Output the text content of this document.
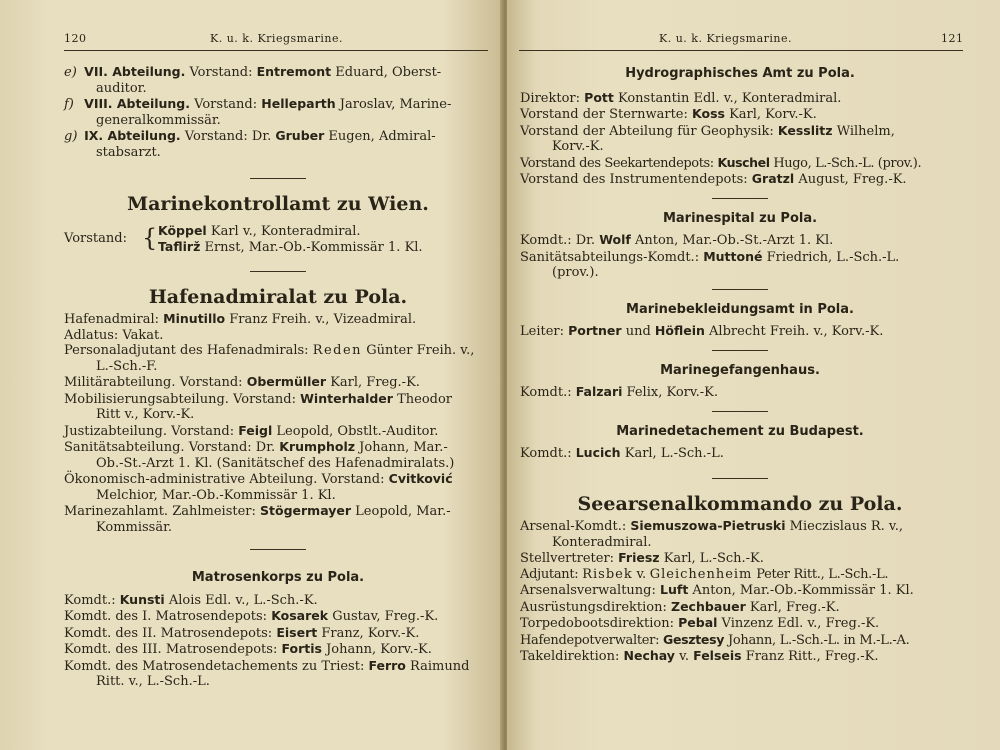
120	K. u. k. Kriegsmarine.
e) VII. Abteilung. Vorstand: Entremont Eduard, Oberst-
auditor.
f) VIII. Abteilung. Vorstand: Helleparth Jaroslav, Marine-
generalkommissär.
g) IX. Abteilung. Vorstand: Dr. Gruber Eugen, Admiral-
stabsarzt.
Marinekontrollamt zu Wien.
Vorstand: { Köppel Karl v., Konteradmiral.
Taflirž Ernst, Mar.-Ob.-Kommissär 1. Kl.
Hafenadmiralat zu Pola.
Hafenadmiral: Minutillo Franz Freih. v., Vizeadmiral.
Adlatus: Vakat.
Personaladjutant des Hafenadmirals: Reden Günter Freih. v.,
L.-Sch.-F.
Militärabteilung. Vorstand: Obermüller Karl, Freg.-K.
Mobilisierungsabteilung. Vorstand: Winterhalder Theodor
Ritt v., Korv.-K.
Justizabteilung. Vorstand: Feigl Leopold, Obstlt.-Auditor.
Sanitätsabteilung. Vorstand: Dr. Krumpholz Johann, Mar.-
Ob.-St.-Arzt 1. Kl. (Sanitätschef des Hafenadmiralats.)
Ökonomisch-administrative Abteilung. Vorstand: Cvitković
Melchior, Mar.-Ob.-Kommissär 1. Kl.
Marinezahlamt. Zahlmeister: Stögermayer Leopold, Mar.-
Kommissär.
Matrosenkorps zu Pola.
Komdt.: Kunsti Alois Edl. v., L.-Sch.-K.
Komdt. des I. Matrosendepots: Kosarek Gustav, Freg.-K.
Komdt. des II. Matrosendepots: Eisert Franz, Korv.-K.
Komdt. des III. Matrosendepots: Fortis Johann, Korv.-K.
Komdt. des Matrosendetachements zu Triest: Ferro Raimund
Ritt. v., L.-Sch.-L.
K. u. k. Kriegsmarine.	121
Hydrographisches Amt zu Pola.
Direktor: Pott Konstantin Edl. v., Konteradmiral.
Vorstand der Sternwarte: Koss Karl, Korv.-K.
Vorstand der Abteilung für Geophysik: Kesslitz Wilhelm,
Korv.-K.
Vorstand des Seekartendepots: Kuschel Hugo, L.-Sch.-L. (prov.).
Vorstand des Instrumentendepots: Gratzl August, Freg.-K.
Marinespital zu Pola.
Komdt.: Dr. Wolf Anton, Mar.-Ob.-St.-Arzt 1. Kl.
Sanitätsabteilungs-Komdt.: Muttoné Friedrich, L.-Sch.-L.
(prov.).
Marinebekleidungsamt in Pola.
Leiter: Portner und Höflein Albrecht Freih. v., Korv.-K.
Marinegefangenhaus.
Komdt.: Falzari Felix, Korv.-K.
Marinedetachement zu Budapest.
Komdt.: Lucich Karl, L.-Sch.-L.
Seearsenalkommando zu Pola.
Arsenal-Komdt.: Siemuszowa-Pietruski Mieczislaus R. v.,
Konteradmiral.
Stellvertreter: Friesz Karl, L.-Sch.-K.
Adjutant: Risbek v. Gleichenheim Peter Ritt., L.-Sch.-L.
Arsenalsverwaltung: Luft Anton, Mar.-Ob.-Kommissär 1. Kl.
Ausrüstungsdirektion: Zechbauer Karl, Freg.-K.
Torpedobootsdirektion: Pebal Vinzenz Edl. v., Freg.-K.
Hafendepotverwalter: Gesztesy Johann, L.-Sch.-L. in M.-L.-A.
Takeldirektion: Nechay v. Felseis Franz Ritt., Freg.-K.
